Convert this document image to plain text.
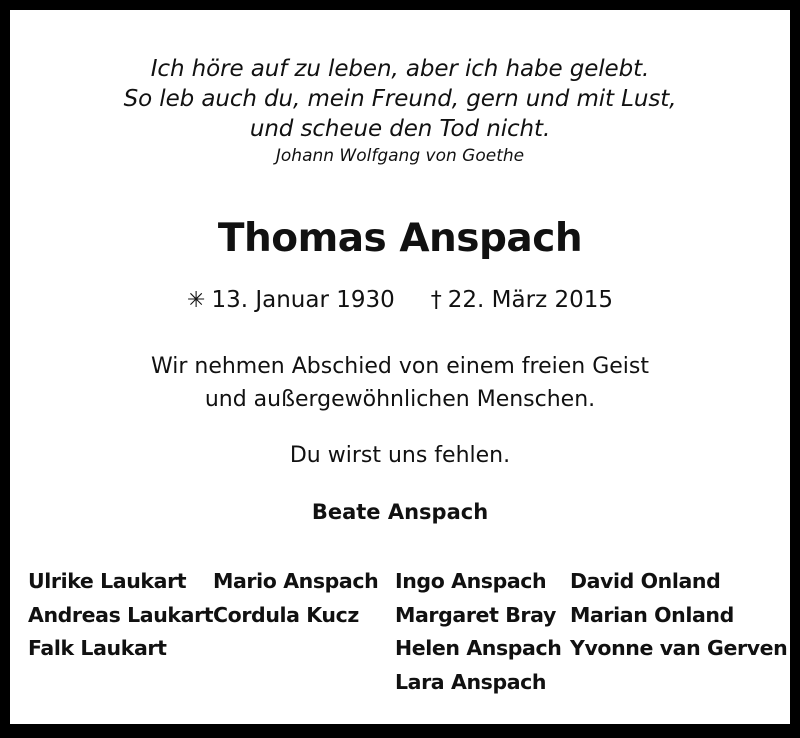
Ich höre auf zu leben, aber ich habe gelebt.
So leb auch du, mein Freund, gern und mit Lust,
und scheue den Tod nicht.
Johann Wolfgang von Goethe
Thomas Anspach
✳ 13. Januar 1930 † 22. März 2015
Wir nehmen Abschied von einem freien Geist
und außergewöhnlichen Menschen.
Du wirst uns fehlen.
Beate Anspach
Ulrike Laukart
Andreas Laukart
Falk Laukart
Mario Anspach
Cordula Kucz
Ingo Anspach
Margaret Bray
Helen Anspach
Lara Anspach
David Onland
Marian Onland
Yvonne van Gerven
